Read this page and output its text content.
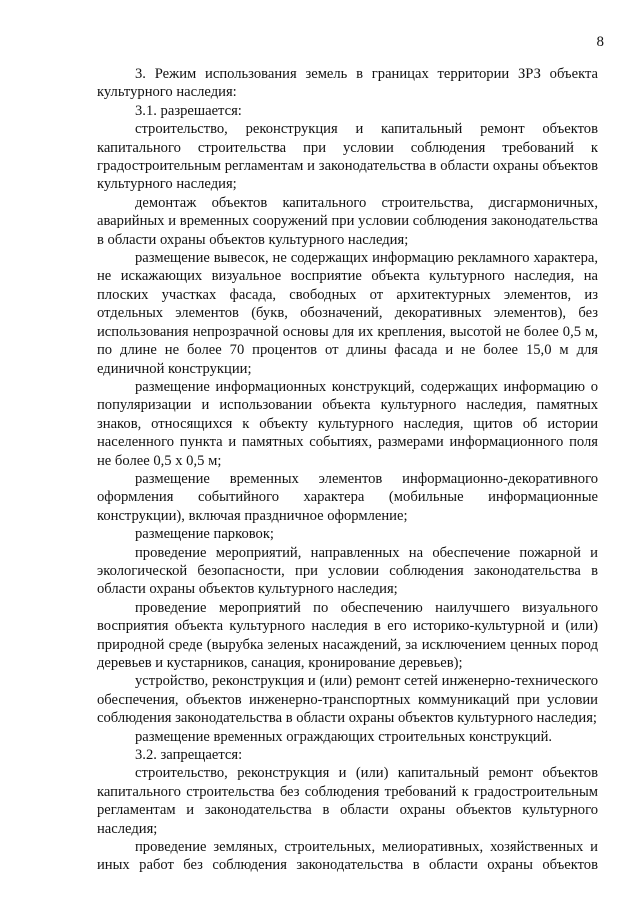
8

3. Режим использования земель в границах территории ЗРЗ объекта культурного наследия:

3.1. разрешается:

строительство, реконструкция и капитальный ремонт объектов капитального строительства при условии соблюдения требований к градостроительным регламентам и законодательства в области охраны объектов культурного наследия;

демонтаж объектов капитального строительства, дисгармоничных, аварийных и временных сооружений при условии соблюдения законодательства в области охраны объектов культурного наследия;

размещение вывесок, не содержащих информацию рекламного характера, не искажающих визуальное восприятие объекта культурного наследия, на плоских участках фасада, свободных от архитектурных элементов, из отдельных элементов (букв, обозначений, декоративных элементов), без использования непрозрачной основы для их крепления, высотой не более 0,5 м, по длине не более 70 процентов от длины фасада и не более 15,0 м для единичной конструкции;

размещение информационных конструкций, содержащих информацию о популяризации и использовании объекта культурного наследия, памятных знаков, относящихся к объекту культурного наследия, щитов об истории населенного пункта и памятных событиях, размерами информационного поля не более 0,5 х 0,5 м;

размещение временных элементов информационно-декоративного оформления событийного характера (мобильные информационные конструкции), включая праздничное оформление;

размещение парковок;

проведение мероприятий, направленных на обеспечение пожарной и экологической безопасности, при условии соблюдения законодательства в области охраны объектов культурного наследия;

проведение мероприятий по обеспечению наилучшего визуального восприятия объекта культурного наследия в его историко-культурной и (или) природной среде (вырубка зеленых насаждений, за исключением ценных пород деревьев и кустарников, санация, кронирование деревьев);

устройство, реконструкция и (или) ремонт сетей инженерно-технического обеспечения, объектов инженерно-транспортных коммуникаций при условии соблюдения законодательства в области охраны объектов культурного наследия;

размещение временных ограждающих строительных конструкций.

3.2. запрещается:

строительство, реконструкция и (или) капитальный ремонт объектов капитального строительства без соблюдения требований к градостроительным регламентам и законодательства в области охраны объектов культурного наследия;

проведение земляных, строительных, мелиоративных, хозяйственных и иных работ без соблюдения законодательства в области охраны объектов
